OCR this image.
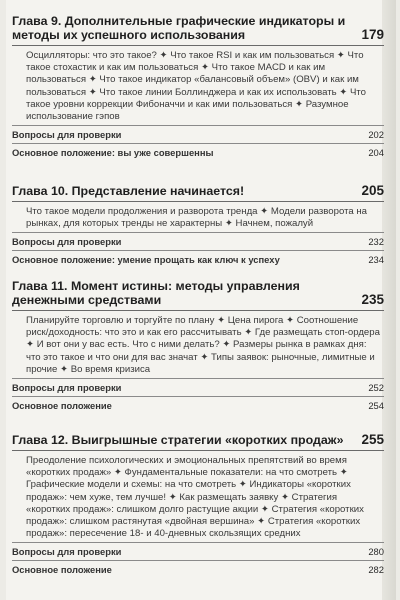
Глава 9. Дополнительные графические индикаторы и методы их успешного использования	179
Осцилляторы: что это такое? ✦ Что такое RSI и как им пользоваться ✦ Что такое стохастик и как им пользоваться ✦ Что такое MACD и как им пользоваться ✦ Что такое индикатор «балансовый объем» (OBV) и как им пользоваться ✦ Что такое линии Боллинджера и как их использовать ✦ Что такое уровни коррекции Фибоначчи и как ими пользоваться ✦ Разумное использование гэпов
Вопросы для проверки	202
Основное положение: вы уже совершенны	204
Глава 10. Представление начинается!	205
Что такое модели продолжения и разворота тренда ✦ Модели разворота на рынках, для которых тренды не характерны ✦ Начнем, пожалуй
Вопросы для проверки	232
Основное положение: умение прощать как ключ к успеху	234
Глава 11. Момент истины: методы управления денежными средствами	235
Планируйте торговлю и торгуйте по плану ✦ Цена пирога ✦ Соотношение риск/доходность: что это и как его рассчитывать ✦ Где размещать стоп-ордера ✦ И вот они у вас есть. Что с ними делать? ✦ Размеры рынка в рамках дня: что это такое и что они для вас значат ✦ Типы заявок: рыночные, лимитные и прочие ✦ Во время кризиса
Вопросы для проверки	252
Основное положение	254
Глава 12. Выигрышные стратегии «коротких продаж»	255
Преодоление психологических и эмоциональных препятствий во время «коротких продаж» ✦ Фундаментальные показатели: на что смотреть ✦ Графические модели и схемы: на что смотреть ✦ Индикаторы «коротких продаж»: чем хуже, тем лучше! ✦ Как размещать заявку ✦ Стратегия «коротких продаж»: слишком долго растущие акции ✦ Стратегия «коротких продаж»: слишком растянутая «двойная вершина» ✦ Стратегия «коротких продаж»: пересечение 18- и 40-дневных скользящих средних
Вопросы для проверки	280
Основное положение	282
